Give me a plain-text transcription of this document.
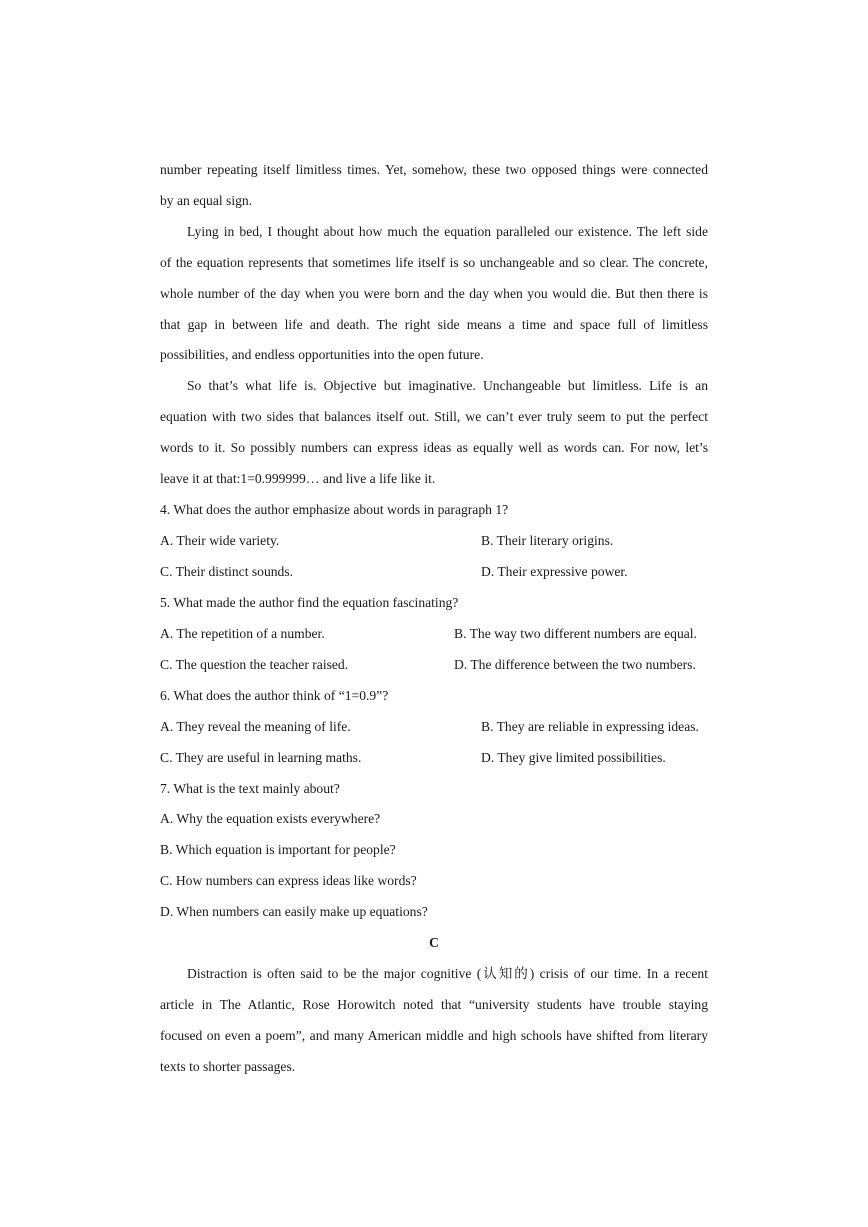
number repeating itself limitless times. Yet, somehow, these two opposed things were connected
by an equal sign.
Lying in bed, I thought about how much the equation paralleled our existence. The left side
of the equation represents that sometimes life itself is so unchangeable and so clear. The concrete,
whole number of the day when you were born and the day when you would die. But then there is
that gap in between life and death. The right side means a time and space full of limitless
possibilities, and endless opportunities into the open future.
So that’s what life is. Objective but imaginative. Unchangeable but limitless. Life is an
equation with two sides that balances itself out. Still, we can’t ever truly seem to put the perfect
words to it. So possibly numbers can express ideas as equally well as words can. For now, let’s
leave it at that:1=0.999999… and live a life like it.
4. What does the author emphasize about words in paragraph 1?
A. Their wide variety.	B. Their literary origins.
C. Their distinct sounds.	D. Their expressive power.
5. What made the author find the equation fascinating?
A. The repetition of a number.	B. The way two different numbers are equal.
C. The question the teacher raised.	D. The difference between the two numbers.
6. What does the author think of “1=0.9”?
A. They reveal the meaning of life.	B. They are reliable in expressing ideas.
C. They are useful in learning maths.	D. They give limited possibilities.
7. What is the text mainly about?
A. Why the equation exists everywhere?
B. Which equation is important for people?
C. How numbers can express ideas like words?
D. When numbers can easily make up equations?
C
Distraction is often said to be the major cognitive (认知的) crisis of our time. In a recent
article in The Atlantic, Rose Horowitch noted that “university students have trouble staying
focused on even a poem”, and many American middle and high schools have shifted from literary
texts to shorter passages.
